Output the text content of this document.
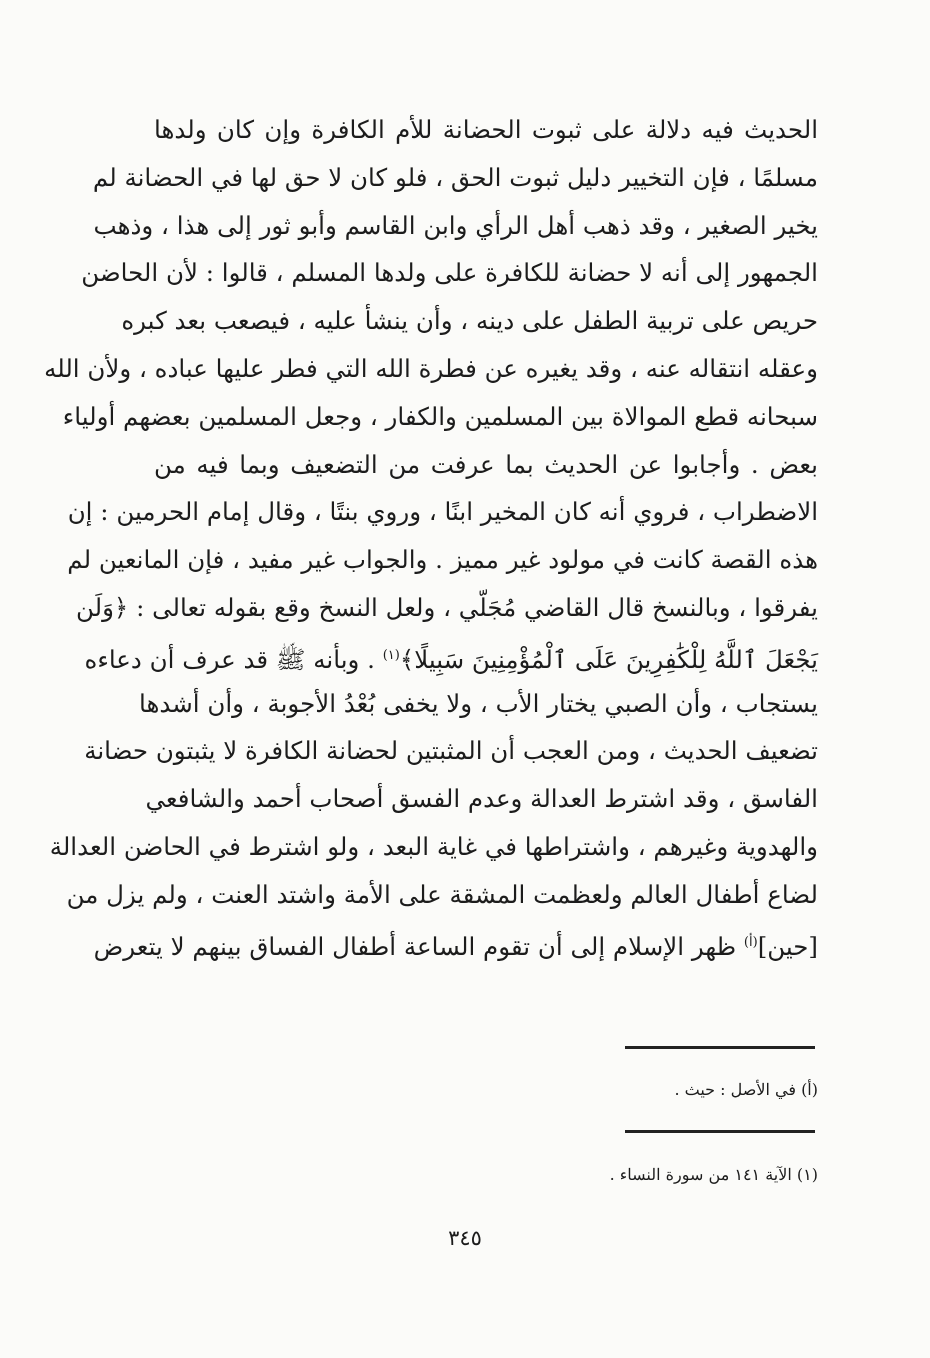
الحديث فيه دلالة على ثبوت الحضانة للأم الكافرة وإن كان ولدها
مسلمًا ، فإن التخيير دليل ثبوت الحق ، فلو كان لا حق لها في الحضانة لم
يخير الصغير ، وقد ذهب أهل الرأي وابن القاسم وأبو ثور إلى هذا ، وذهب
الجمهور إلى أنه لا حضانة للكافرة على ولدها المسلم ، قالوا : لأن الحاضن
حريص على تربية الطفل على دينه ، وأن ينشأ عليه ، فيصعب بعد كبره
وعقله انتقاله عنه ، وقد يغيره عن فطرة الله التي فطر عليها عباده ، ولأن الله
سبحانه قطع الموالاة بين المسلمين والكفار ، وجعل المسلمين بعضهم أولياء
بعض . وأجابوا عن الحديث بما عرفت من التضعيف وبما فيه من
الاضطراب ، فروي أنه كان المخير ابنًا ، وروي بنتًا ، وقال إمام الحرمين : إن
هذه القصة كانت في مولود غير مميز . والجواب غير مفيد ، فإن المانعين لم
يفرقوا ، وبالنسخ قال القاضي مُجَلّي ، ولعل النسخ وقع بقوله تعالى : ﴿وَلَن
يَجْعَلَ ٱللَّهُ لِلْكَٰفِرِينَ عَلَى ٱلْمُؤْمِنِينَ سَبِيلًا﴾$^{(١)}$ . وبأنه ﷺ قد عرف أن دعاءه
يستجاب ، وأن الصبي يختار الأب ، ولا يخفى بُعْدُ الأجوبة ، وأن أشدها
تضعيف الحديث ، ومن العجب أن المثبتين لحضانة الكافرة لا يثبتون حضانة
الفاسق ، وقد اشترط العدالة وعدم الفسق أصحاب أحمد والشافعي
والهدوية وغيرهم ، واشتراطها في غاية البعد ، ولو اشترط في الحاضن العدالة
لضاع أطفال العالم ولعظمت المشقة على الأمة واشتد العنت ، ولم يزل من
[حين]$^{(أ)}$ ظهر الإسلام إلى أن تقوم الساعة أطفال الفساق بينهم لا يتعرض
(أ) في الأصل : حيث .
(١) الآية ١٤١ من سورة النساء .
٣٤٥
